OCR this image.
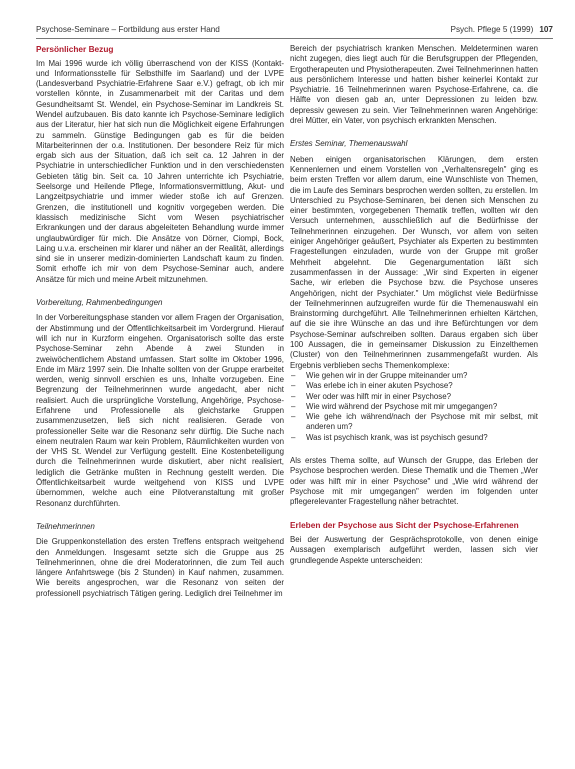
Psychose-Seminare – Fortbildung aus erster Hand	Psych. Pflege 5 (1999) 107
Persönlicher Bezug

Im Mai 1996 wurde ich völlig überraschend von der KISS (Kontakt- und Informationsstelle für Selbsthilfe im Saarland) und der LVPE (Landesverband Psychiatrie-Erfahrene Saar e.V.) gefragt, ob ich mir vorstellen könnte, in Zusammenarbeit mit der Caritas und dem Gesundheitsamt St. Wendel, ein Psychose-Seminar im Landkreis St. Wendel aufzubauen. Bis dato kannte ich Psychose-Seminare lediglich aus der Literatur, hier hat sich nun die Möglichkeit eigene Erfahrungen zu sammeln. Günstige Bedingungen gab es für die beiden Mitarbeiterinnen der o.a. Institutionen. Der besondere Reiz für mich ergab sich aus der Situation, daß ich seit ca. 12 Jahren in der Psychiatrie in unterschiedlicher Funktion und in den verschiedensten Gebieten tätig bin. Seit ca. 10 Jahren unterrichte ich Psychiatrie, Seelsorge und Heilende Pflege, Informationsvermittlung, Akut- und Langzeitpsychiatrie und immer wieder stoße ich auf Grenzen. Grenzen, die institutionell und kognitiv vorgegeben werden. Die klassisch medizinische Sicht vom Wesen psychiatrischer Erkrankungen und der daraus abgeleiteten Behandlung wurde immer unglaubwürdiger für mich. Die Ansätze von Dörner, Ciompi, Bock, Laing u.v.a. erscheinen mir klarer und näher an der Realität, allerdings sind sie in unserer medizin-dominierten Landschaft kaum zu finden. Somit erhoffe ich mir von dem Psychose-Seminar auch, andere Ansätze für mich und meine Arbeit mitzunehmen.

Vorbereitung, Rahmenbedingungen

In der Vorbereitungsphase standen vor allem Fragen der Organisation, der Abstimmung und der Öffentlichkeitsarbeit im Vordergrund. Hierauf will ich nur in Kurzform eingehen. Organisatorisch sollte das erste Psychose-Seminar zehn Abende à zwei Stunden in zweiwöchentlichem Abstand umfassen. Start sollte im Oktober 1996, Ende im März 1997 sein. Die Inhalte sollten von der Gruppe erarbeitet werden, wenig sinnvoll erschien es uns, Inhalte vorzugeben. Eine Begrenzung der Teilnehmerinnen wurde angedacht, aber nicht realisiert. Auch die ursprüngliche Vorstellung, Angehörige, Psychose-Erfahrene und Professionelle als gleichstarke Gruppen zusammenzusetzen, ließ sich nicht realisieren. Gerade von professioneller Seite war die Resonanz sehr dürftig. Die Suche nach einem neutralen Raum war kein Problem, Räumlichkeiten wurden von der VHS St. Wendel zur Verfügung gestellt. Eine Kostenbeteiligung durch die Teilnehmerinnen wurde diskutiert, aber nicht realisiert, lediglich die Getränke mußten in Rechnung gestellt werden. Die Öffentlichkeitsarbeit wurde weitgehend von KISS und LVPE übernommen, welche auch eine Pilotveranstaltung mit großer Resonanz durchführten.

Teilnehmerinnen

Die Gruppenkonstellation des ersten Treffens entsprach weitgehend den Anmeldungen. Insgesamt setzte sich die Gruppe aus 25 Teilnehmerinnen, ohne die drei Moderatorinnen, die zum Teil auch längere Anfahrtswege (bis 2 Stunden) in Kauf nahmen, zusammen. Wie bereits angesprochen, war die Resonanz von seiten der professionell psychiatrisch Tätigen gering. Lediglich drei Teilnehmer im

Bereich der psychiatrisch kranken Menschen. Meldeterminen waren nicht zugegen, dies liegt auch für die Berufsgruppen der Pflegenden, Ergotherapeuten und Physiotherapeuten. Zwei Teilnehmerinnen hatten aus persönlichem Interesse und hatten bisher keinerlei Kontakt zur Psychiatrie. 16 Teilnehmerinnen waren Psychose-Erfahrene, ca. die Hälfte von diesen gab an, unter Depressionen zu leiden bzw. depressiv gewesen zu sein. Vier Teilnehmerinnen waren Angehörige: drei Mütter, ein Vater, von psychisch erkrankten Menschen.

Erstes Seminar, Themenauswahl

Neben einigen organisatorischen Klärungen, dem ersten Kennenlernen und einem Vorstellen von „Verhaltensregeln" ging es beim ersten Treffen vor allem darum, eine Wunschliste von Themen, die im Laufe des Seminars besprochen werden sollten, zu erstellen. Im Unterschied zu Psychose-Seminaren, bei denen sich Menschen zu einer bestimmten, vorgegebenen Thematik treffen, wollten wir den Versuch unternehmen, ausschließlich auf die Bedürfnisse der Teilnehmerinnen einzugehen. Der Wunsch, vor allem von seiten einiger Angehöriger geäußert, Psychiater als Experten zu bestimmten Fragestellungen einzuladen, wurde von der Gruppe mit großer Mehrheit abgelehnt. Die Gegenargumentation läßt sich zusammenfassen in der Aussage: „Wir sind Experten in eigener Sache, wir erleben die Psychose bzw. die Psychose unseres Angehörigen, nicht der Psychiater." Um möglichst viele Bedürfnisse der Teilnehmerinnen aufzugreifen wurde für die Themenauswahl ein Brainstorming durchgeführt. Alle Teilnehmerinnen erhielten Kärtchen, auf die sie ihre Wünsche an das und ihre Befürchtungen vor dem Psychose-Seminar aufschreiben sollten. Daraus ergaben sich über 100 Aussagen, die in gemeinsamer Diskussion zu Einzelthemen (Cluster) von den Teilnehmerinnen zusammengefaßt wurden. Als Ergebnis verblieben sechs Themenkomplexe:

– Wie gehen wir in der Gruppe miteinander um?
– Was erlebe ich in einer akuten Psychose?
– Wer oder was hilft mir in einer Psychose?
– Wie wird während der Psychose mit mir umgegangen?
– Wie gehe ich während/nach der Psychose mit mir selbst, mit anderen um?
– Was ist psychisch krank, was ist psychisch gesund?

Als erstes Thema sollte, auf Wunsch der Gruppe, das Erleben der Psychose besprochen werden. Diese Thematik und die Themen „Wer oder was hilft mir in einer Psychose" und „Wie wird während der Psychose mit mir umgegangen" werden im folgenden unter pflegerelevanter Fragestellung näher betrachtet.

Erleben der Psychose aus Sicht der Psychose-Erfahrenen

Bei der Auswertung der Gesprächsprotokolle, von denen einige Aussagen exemplarisch aufgeführt werden, lassen sich vier grundlegende Aspekte unterscheiden:
